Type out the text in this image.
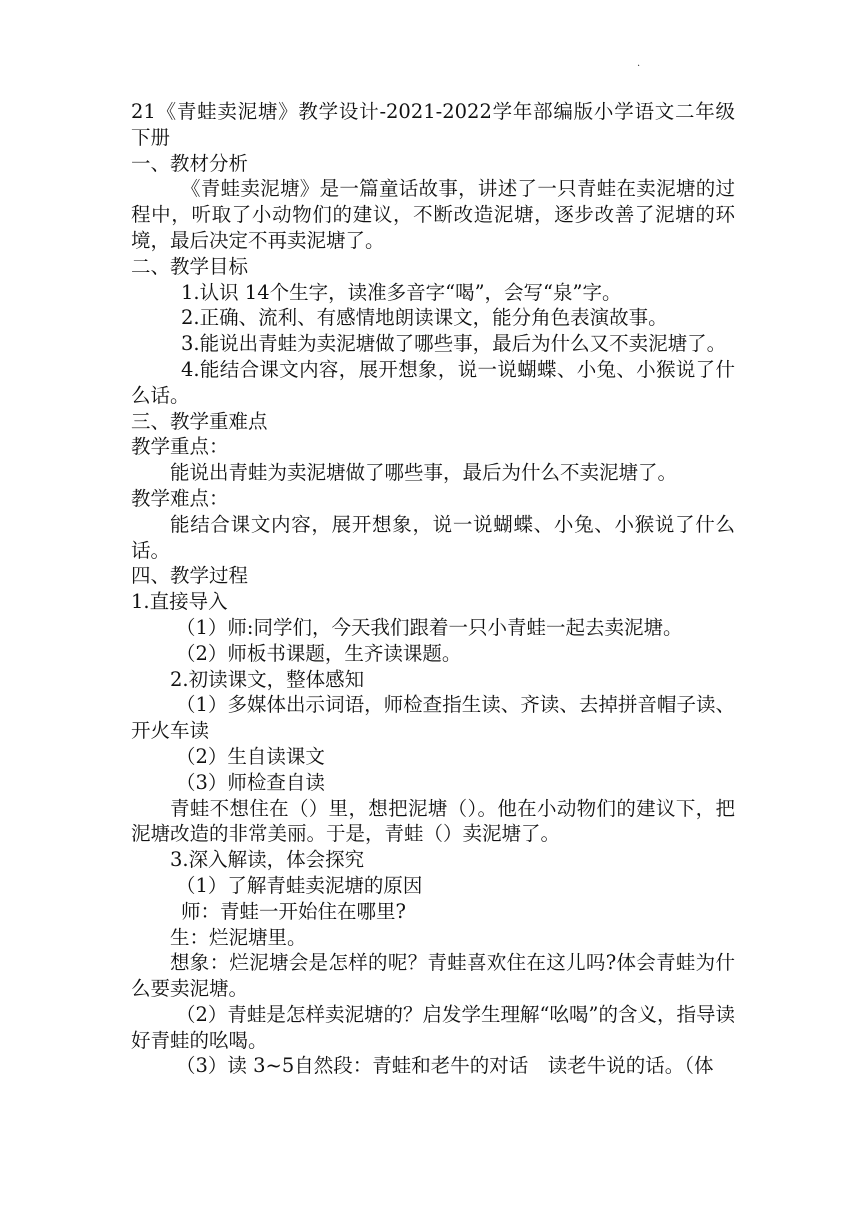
.

21《青蛙卖泥塘》教学设计-2021-2022学年部编版小学语文二年级下册

一、教材分析

《青蛙卖泥塘》是一篇童话故事，讲述了一只青蛙在卖泥塘的过程中，听取了小动物们的建议，不断改造泥塘，逐步改善了泥塘的环境，最后决定不再卖泥塘了。

二、教学目标

1.认识 14个生字，读准多音字“喝”，会写“泉”字。

2.正确、流利、有感情地朗读课文，能分角色表演故事。

3.能说出青蛙为卖泥塘做了哪些事，最后为什么又不卖泥塘了。

4.能结合课文内容，展开想象，说一说蝴蝶、小兔、小猴说了什么话。

三、教学重难点

教学重点：

能说出青蛙为卖泥塘做了哪些事，最后为什么不卖泥塘了。

教学难点：

能结合课文内容，展开想象，说一说蝴蝶、小兔、小猴说了什么话。

四、教学过程

1.直接导入

（1）师:同学们，今天我们跟着一只小青蛙一起去卖泥塘。

（2）师板书课题，生齐读课题。

2.初读课文，整体感知

（1）多媒体出示词语，师检查指生读、齐读、去掉拼音帽子读、开火车读

（2）生自读课文

（3）师检查自读

青蛙不想住在（）里，想把泥塘（）。他在小动物们的建议下，把泥塘改造的非常美丽。于是，青蛙（）卖泥塘了。

3.深入解读，体会探究

（1）了解青蛙卖泥塘的原因

师：青蛙一开始住在哪里?

生：烂泥塘里。

想象：烂泥塘会是怎样的呢？青蛙喜欢住在这儿吗?体会青蛙为什么要卖泥塘。

（2）青蛙是怎样卖泥塘的？启发学生理解“吆喝”的含义，指导读好青蛙的吆喝。

（3）读 3~5自然段：青蛙和老牛的对话　读老牛说的话。（体
